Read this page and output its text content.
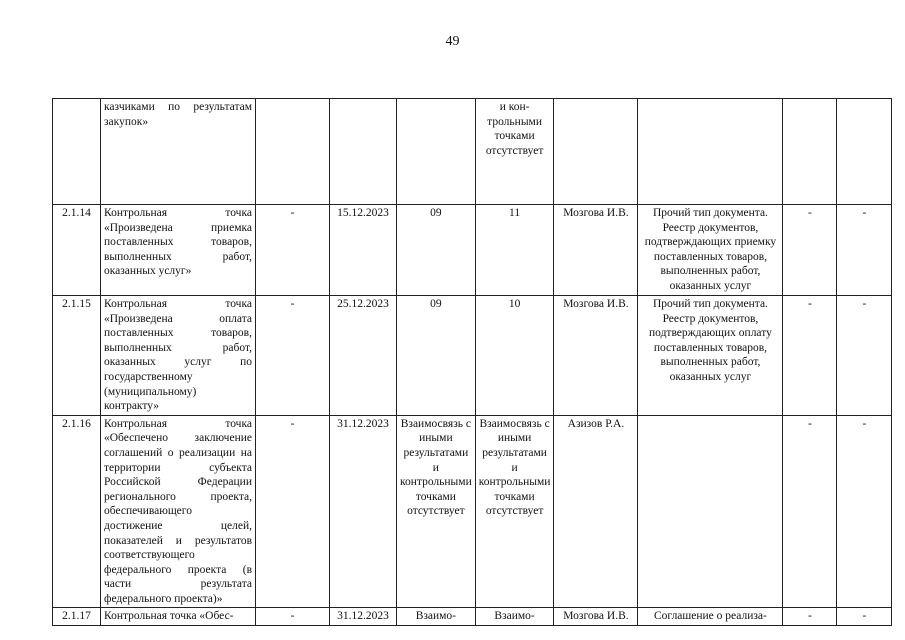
49
	казчиками по результатам закупок»				и кон-трольными точками отсутствует				
2.1.14	Контрольная точка «Произведена приемка поставленных товаров, выполненных работ, оказанных услуг»	-	15.12.2023	09	11	Мозгова И.В.	Прочий тип документа. Реестр документов, подтверждающих приемку поставленных товаров, выполненных работ, оказанных услуг	-	-
2.1.15	Контрольная точка «Произведена оплата поставленных товаров, выполненных работ, оказанных услуг по государственному (муниципальному) контракту»	-	25.12.2023	09	10	Мозгова И.В.	Прочий тип документа. Реестр документов, подтверждающих оплату поставленных товаров, выполненных работ, оказанных услуг	-	-
2.1.16	Контрольная точка «Обеспечено заключение соглашений о реализации на территории субъекта Российской Федерации регионального проекта, обеспечивающего достижение целей, показателей и результатов соответствующего федерального проекта (в части результата федерального проекта)»	-	31.12.2023	Взаимосвязь с иными результатами и контрольными точками отсутствует	Взаимосвязь с иными результатами и контрольными точками отсутствует	Азизов Р.А.		-	-
2.1.17	Контрольная точка «Обес-	-	31.12.2023	Взаимо-	Взаимо-	Мозгова И.В.	Соглашение о реализа-	-	-
